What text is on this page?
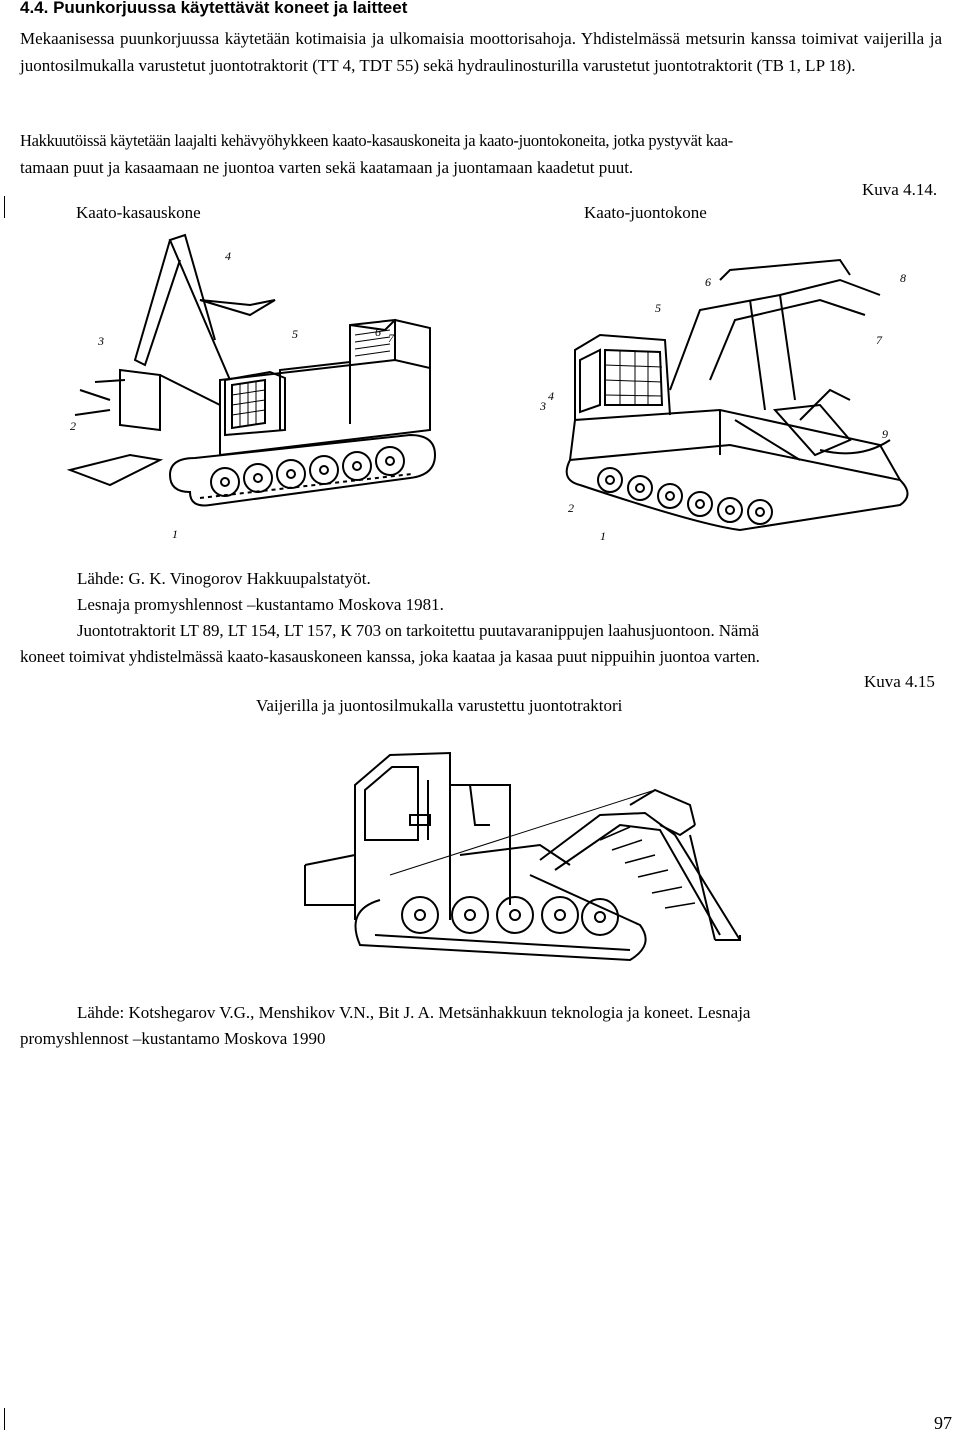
4.4. Puunkorjuussa käytettävät koneet ja laitteet
Mekaanisessa puunkorjuussa käytetään kotimaisia ja ulkomaisia moottorisahoja. Yhdistelmässä metsurin kanssa toimivat vaijerilla ja juontosilmukalla varustetut juontotraktorit (TT 4, TDT 55) sekä hydraulinosturilla varustetut juontotraktorit (TB 1, LP 18).
Hakkuutöissä käytetään laajalti kehävyöhykkeen kaato-kasauskoneita ja kaato-juontokoneita, jotka pystyvät kaa-
tamaan puut ja kasaamaan ne juontoa varten sekä kaatamaan ja juontamaan kaadetut puut.
Kuva 4.14.
Kaato-kasauskone	Kaato-juontokone
1
2
3
4
5	6 7
1
2
3
4
5
6
7
8
9
Lähde: G. K. Vinogorov Hakkuupalstatyöt.
Lesnaja promyshlennost –kustantamo Moskova 1981.
Juontotraktorit LT 89, LT 154, LT 157, К 703 on tarkoitettu puutavaranippujen laahusjuontoon. Nämä
koneet toimivat yhdistelmässä kaato-kasauskoneen kanssa, joka kaataa ja kasaa puut nippuihin juontoa varten.
Kuva 4.15
Vaijerilla ja juontosilmukalla varustettu juontotraktori
Lähde: Kotshegarov V.G., Menshikov V.N., Bit J. A. Metsänhakkuun teknologia ja koneet. Lesnaja
promyshlennost –kustantamo Moskova 1990
97
